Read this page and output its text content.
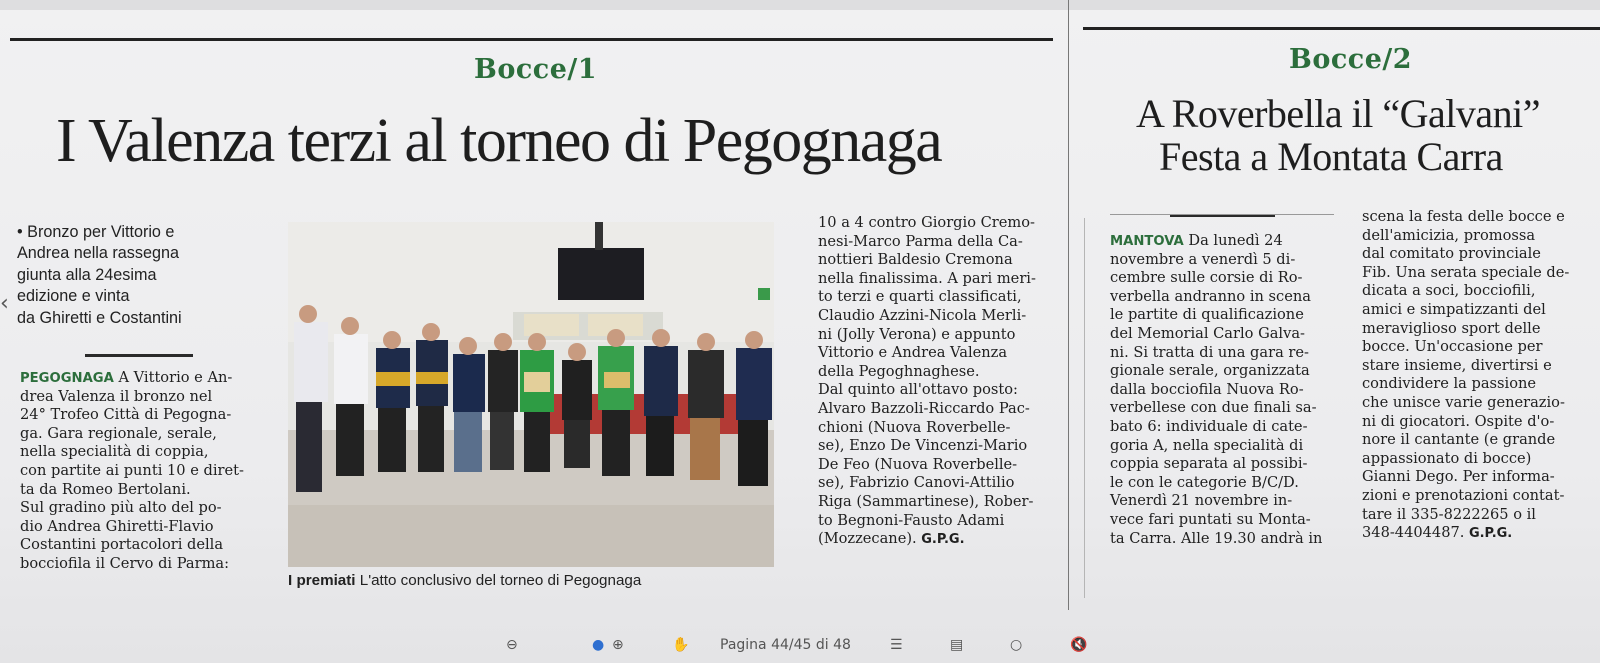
Bocce/1
I Valenza terzi al torneo di Pegognaga
‹
• Bronzo per Vittorio e
Andrea nella rassegna
giunta alla 24esima
edizione e vinta
da Ghiretti e Costantini
PEGOGNAGA A Vittorio e An-
drea Valenza il bronzo nel
24° Trofeo Città di Pegogna-
ga. Gara regionale, serale,
nella specialità di coppia,
con partite ai punti 10 e diret-
ta da Romeo Bertolani.
Sul gradino più alto del po-
dio Andrea Ghiretti-Flavio
Costantini portacolori della
bocciofila il Cervo di Parma:
I premiati L'atto conclusivo del torneo di Pegognaga
10 a 4 contro Giorgio Cremo-
nesi-Marco Parma della Ca-
nottieri Baldesio Cremona
nella finalissima. A pari meri-
to terzi e quarti classificati,
Claudio Azzini-Nicola Merli-
ni (Jolly Verona) e appunto
Vittorio e Andrea Valenza
della Pegoghnaghese.
Dal quinto all'ottavo posto:
Alvaro Bazzoli-Riccardo Pac-
chioni (Nuova Roverbelle-
se), Enzo De Vincenzi-Mario
De Feo (Nuova Roverbelle-
se), Fabrizio Canovi-Attilio
Riga (Sammartinese), Rober-
to Begnoni-Fausto Adami
(Mozzecane). G.P.G.
Bocce/2
A Roverbella il “Galvani”
Festa a Montata Carra
MANTOVA Da lunedì 24
novembre a venerdì 5 di-
cembre sulle corsie di Ro-
verbella andranno in scena
le partite di qualificazione
del Memorial Carlo Galva-
ni. Si tratta di una gara re-
gionale serale, organizzata
dalla bocciofila Nuova Ro-
verbellese con due finali sa-
bato 6: individuale di cate-
goria A, nella specialità di
coppia separata al possibi-
le con le categorie B/C/D.
Venerdì 21 novembre in-
vece fari puntati su Monta-
ta Carra. Alle 19.30 andrà in
scena la festa delle bocce e
dell'amicizia, promossa
dal comitato provinciale
Fib. Una serata speciale de-
dicata a soci, bocciofili,
amici e simpatizzanti del
meraviglioso sport delle
bocce. Un'occasione per
stare insieme, divertirsi e
condividere la passione
che unisce varie generazio-
ni di giocatori. Ospite d'o-
nore il cantante (e grande
appassionato di bocce)
Gianni Dego. Per informa-
zioni e prenotazioni contat-
tare il 335-8222265 o il
348-4404487. G.P.G.
⊖	● ⊕	✋ Pagina 44/45 di 48	☰	▤	○	🔇
